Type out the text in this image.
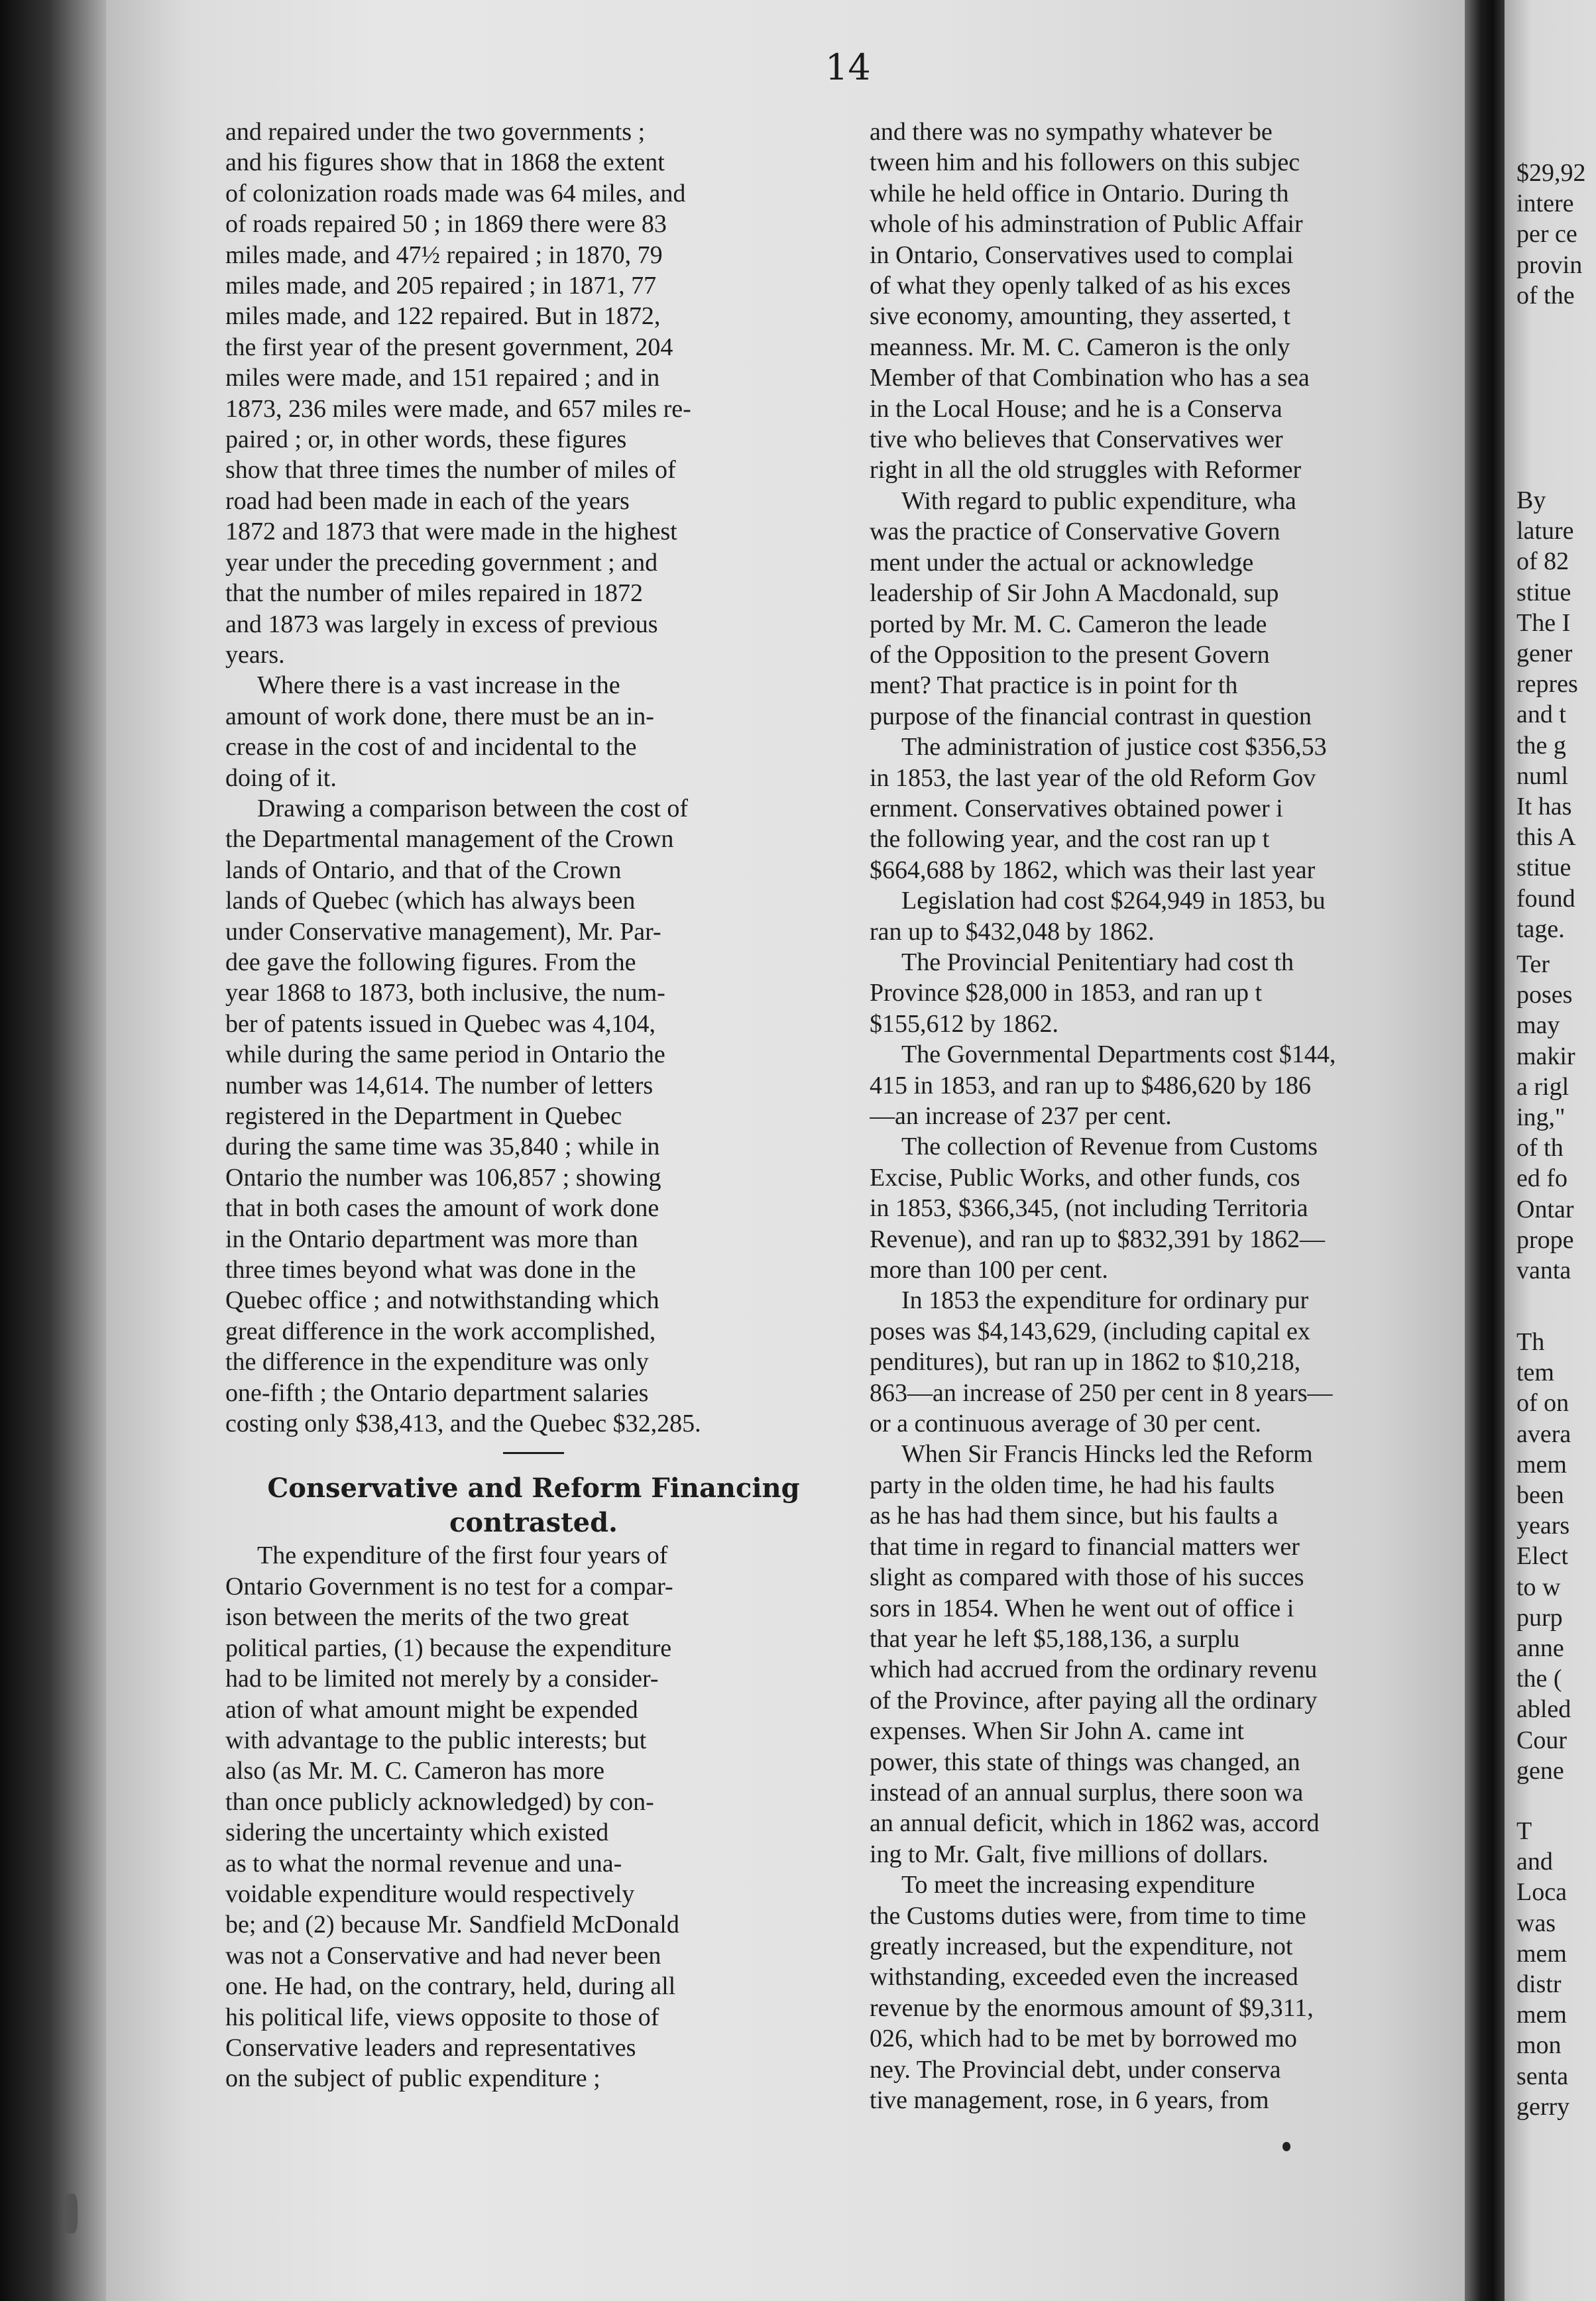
14

and repaired under the two governments ;

and his figures show that in 1868 the extent

of colonization roads made was 64 miles, and

of roads repaired 50 ; in 1869 there were 83

miles made, and 47½ repaired ; in 1870, 79

miles made, and 205 repaired ; in 1871, 77

miles made, and 122 repaired. But in 1872,

the first year of the present government, 204

miles were made, and 151 repaired ; and in

1873, 236 miles were made, and 657 miles re-

paired ; or, in other words, these figures

show that three times the number of miles of

road had been made in each of the years

1872 and 1873 that were made in the highest

year under the preceding government ; and

that the number of miles repaired in 1872

and 1873 was largely in excess of previous

years.

Where there is a vast increase in the

amount of work done, there must be an in-

crease in the cost of and incidental to the

doing of it.

Drawing a comparison between the cost of

the Departmental management of the Crown

lands of Ontario, and that of the Crown

lands of Quebec (which has always been

under Conservative management), Mr. Par-

dee gave the following figures. From the

year 1868 to 1873, both inclusive, the num-

ber of patents issued in Quebec was 4,104,

while during the same period in Ontario the

number was 14,614. The number of letters

registered in the Department in Quebec

during the same time was 35,840 ; while in

Ontario the number was 106,857 ; showing

that in both cases the amount of work done

in the Ontario department was more than

three times beyond what was done in the

Quebec office ; and notwithstanding which

great difference in the work accomplished,

the difference in the expenditure was only

one-fifth ; the Ontario department salaries

costing only $38,413, and the Quebec $32,285.

Conservative and Reform Financing

contrasted.

The expenditure of the first four years of

Ontario Government is no test for a compar-

ison between the merits of the two great

political parties, (1) because the expenditure

had to be limited not merely by a consider-

ation of what amount might be expended

with advantage to the public interests; but

also (as Mr. M. C. Cameron has more

than once publicly acknowledged) by con-

sidering the uncertainty which existed

as to what the normal revenue and una-

voidable expenditure would respectively

be; and (2) because Mr. Sandfield McDonald

was not a Conservative and had never been

one. He had, on the contrary, held, during all

his political life, views opposite to those of

Conservative leaders and representatives

on the subject of public expenditure ;

and there was no sympathy whatever be

tween him and his followers on this subjec

while he held office in Ontario. During th

whole of his adminstration of Public Affair

in Ontario, Conservatives used to complai

of what they openly talked of as his exces

sive economy, amounting, they asserted, t

meanness. Mr. M. C. Cameron is the only

Member of that Combination who has a sea

in the Local House; and he is a Conserva

tive who believes that Conservatives wer

right in all the old struggles with Reformer

With regard to public expenditure, wha

was the practice of Conservative Govern

ment under the actual or acknowledge

leadership of Sir John A Macdonald, sup

ported by Mr. M. C. Cameron the leade

of the Opposition to the present Govern

ment? That practice is in point for th

purpose of the financial contrast in question

The administration of justice cost $356,53

in 1853, the last year of the old Reform Gov

ernment. Conservatives obtained power i

the following year, and the cost ran up t

$664,688 by 1862, which was their last year

Legislation had cost $264,949 in 1853, bu

ran up to $432,048 by 1862.

The Provincial Penitentiary had cost th

Province $28,000 in 1853, and ran up t

$155,612 by 1862.

The Governmental Departments cost $144,

415 in 1853, and ran up to $486,620 by 186

—an increase of 237 per cent.

The collection of Revenue from Customs

Excise, Public Works, and other funds, cos

in 1853, $366,345, (not including Territoria

Revenue), and ran up to $832,391 by 1862—

more than 100 per cent.

In 1853 the expenditure for ordinary pur

poses was $4,143,629, (including capital ex

penditures), but ran up in 1862 to $10,218,

863—an increase of 250 per cent in 8 years—

or a continuous average of 30 per cent.

When Sir Francis Hincks led the Reform

party in the olden time, he had his faults

as he has had them since, but his faults a

that time in regard to financial matters wer

slight as compared with those of his succes

sors in 1854. When he went out of office i

that year he left $5,188,136, a surplu

which had accrued from the ordinary revenu

of the Province, after paying all the ordinary

expenses. When Sir John A. came int

power, this state of things was changed, an

instead of an annual surplus, there soon wa

an annual deficit, which in 1862 was, accord

ing to Mr. Galt, five millions of dollars.

To meet the increasing expenditure

the Customs duties were, from time to time

greatly increased, but the expenditure, not

withstanding, exceeded even the increased

revenue by the enormous amount of $9,311,

026, which had to be met by borrowed mo

ney. The Provincial debt, under conserva

tive management, rose, in 6 years, from

$29,92

intere

per ce

provin

of the

By

lature

of 82

stitue

The I

gener

repres

and t

the g

numl

It has

this A

stitue

found

tage.

Ter

poses

may

makir

a rigl

ing,"

of th

ed fo

Ontar

prope

vanta

Th

tem

of on

avera

mem

been

years

Elect

to w

purp

anne

the (

abled

Cour

gene

T

and

Loca

was

mem

distr

mem

mon

senta

gerry
